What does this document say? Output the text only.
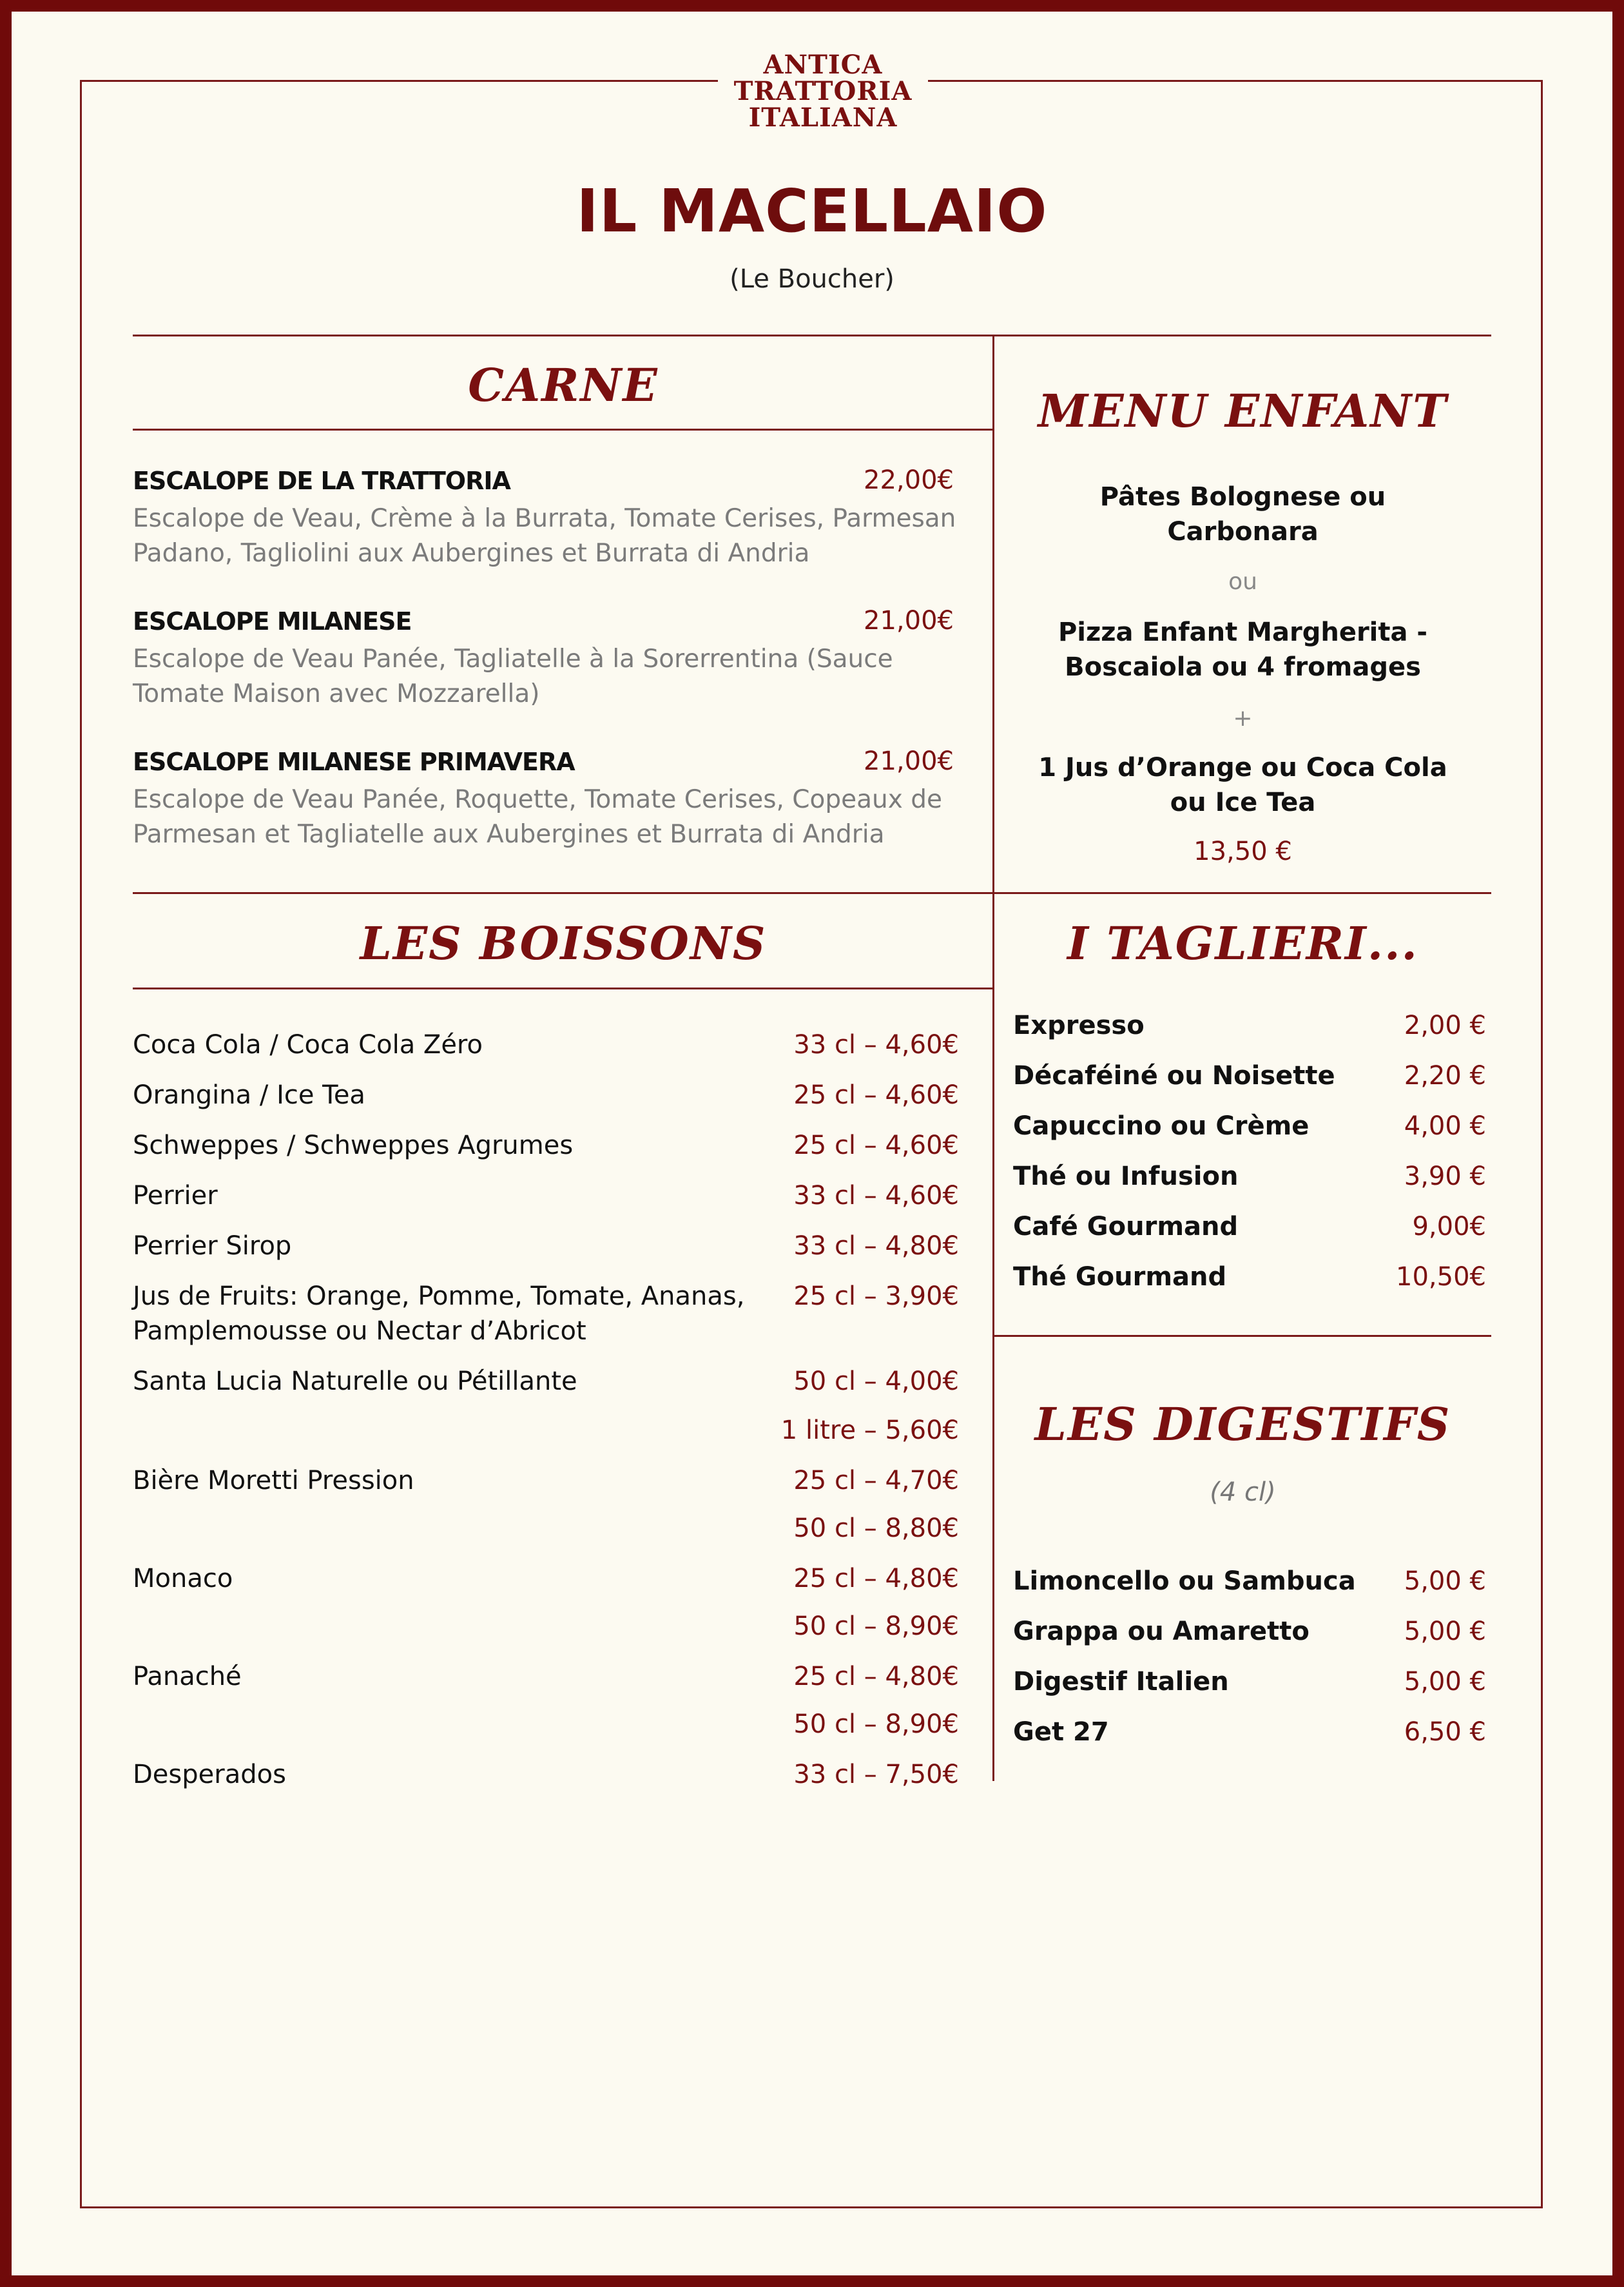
ANTICA
TRATTORIA
ITALIANA
IL MACELLAIO
(Le Boucher)
CARNE
ESCALOPE DE LA TRATTORIA	22,00€
Escalope de Veau, Crème à la Burrata, Tomate Cerises, Parmesan
Padano, Tagliolini aux Aubergines et Burrata di Andria
ESCALOPE MILANESE	21,00€
Escalope de Veau Panée, Tagliatelle à la Sorerrentina (Sauce
Tomate Maison avec Mozzarella)
ESCALOPE MILANESE PRIMAVERA	21,00€
Escalope de Veau Panée, Roquette, Tomate Cerises, Copeaux de
Parmesan et Tagliatelle aux Aubergines et Burrata di Andria
MENU ENFANT
Pâtes Bolognese ou
Carbonara
ou
Pizza Enfant Margherita -
Boscaiola ou 4 fromages
+
1 Jus d’Orange ou Coca Cola
ou Ice Tea
13,50 €
LES BOISSONS
Coca Cola / Coca Cola Zéro	33 cl – 4,60€
Orangina / Ice Tea	25 cl – 4,60€
Schweppes / Schweppes Agrumes	25 cl – 4,60€
Perrier	33 cl – 4,60€
Perrier Sirop	33 cl – 4,80€
Jus de Fruits: Orange, Pomme, Tomate, Ananas,
Pamplemousse ou Nectar d’Abricot
25 cl – 3,90€
Santa Lucia Naturelle ou Pétillante	50 cl – 4,00€
1 litre – 5,60€
Bière Moretti Pression	25 cl – 4,70€
50 cl – 8,80€
Monaco	25 cl – 4,80€
50 cl – 8,90€
Panaché	25 cl – 4,80€
50 cl – 8,90€
Desperados	33 cl – 7,50€
I TAGLIERI...
Expresso	2,00 €
Décaféiné ou Noisette	2,20 €
Capuccino ou Crème	4,00 €
Thé ou Infusion	3,90 €
Café Gourmand	9,00€
Thé Gourmand	10,50€
LES DIGESTIFS
(4 cl)
Limoncello ou Sambuca	5,00 €
Grappa ou Amaretto	5,00 €
Digestif Italien	5,00 €
Get 27	6,50 €
